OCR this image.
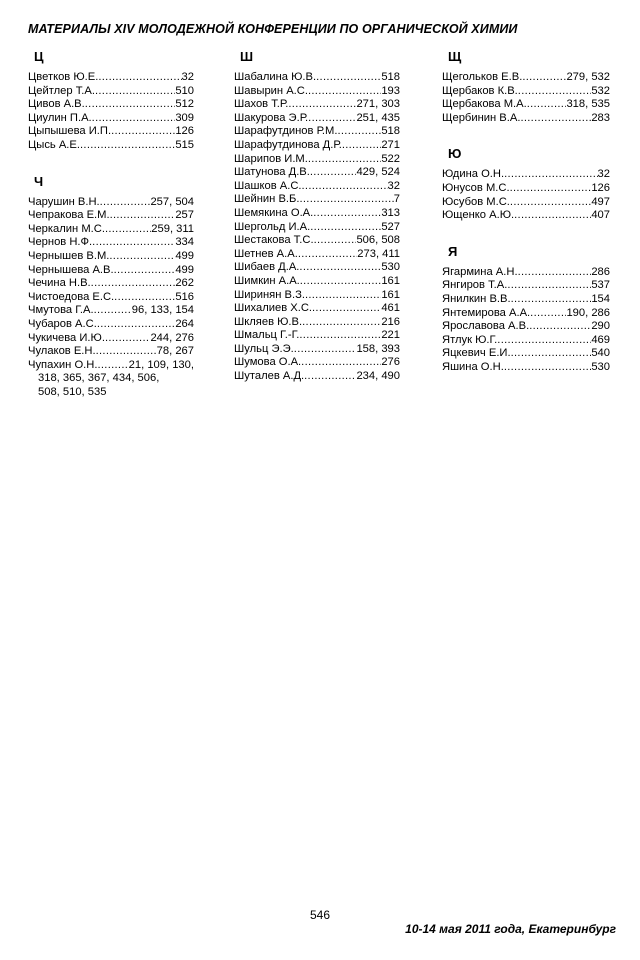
МАТЕРИАЛЫ XIV МОЛОДЕЖНОЙ КОНФЕРЕНЦИИ ПО ОРГАНИЧЕСКОЙ ХИМИИ
Ц
Цветков Ю.Е. .....	32
Цейтлер Т.А. .....	510
Цивов А.В. .....	512
Циулин П.А. .....	309
Цыпышева И.П. .....	126
Цысь А.Е. .....	515
Ч
Чарушин В.Н. .....	257, 504
Чепракова Е.М. .....	257
Черкалин М.С. .....	259, 311
Чернов Н.Ф. .....	334
Чернышев В.М. .....	499
Чернышева А.В. .....	499
Чечина Н.В. .....	262
Чистоедова Е.С. .....	516
Чмутова Г.А. .....	96, 133, 154
Чубаров А.С. .....	264
Чукичева И.Ю. .....	244, 276
Чулаков Е.Н. .....	78, 267
Чупахин О.Н. .....	21, 109, 130,
318, 365, 367, 434, 506,
508, 510, 535
Ш
Шабалина Ю.В. .....	518
Шавырин А.С. .....	193
Шахов Т.Р. .....	271, 303
Шакурова Э.Р. .....	251, 435
Шарафутдинов Р.М. .....	518
Шарафутдинова Д.Р. .....	271
Шарипов И.М. .....	522
Шатунова Д.В. .....	429, 524
Шашков А.С. .....	32
Шейнин В.Б. .....	7
Шемякина О.А. .....	313
Шергольд И.А. .....	527
Шестакова Т.С. .....	506, 508
Шетнев А.А. .....	273, 411
Шибаев Д.А. .....	530
Шимкин А.А. .....	161
Ширинян В.З. .....	161
Шихалиев Х.С. .....	461
Шкляев Ю.В. .....	216
Шмальц Г.-Г. .....	221
Шульц Э.Э. .....	158, 393
Шумова О.А. .....	276
Шуталев А.Д. .....	234, 490
Щ
Щегольков Е.В. .....	279, 532
Щербаков К.В. .....	532
Щербакова М.А. .....	318, 535
Щербинин В.А. .....	283
Ю
Юдина О.Н. .....	32
Юнусов М.С. .....	126
Юсубов М.С. .....	497
Ющенко А.Ю. .....	407
Я
Ягармина А.Н. .....	286
Янгиров Т.А. .....	537
Янилкин В.В. .....	154
Янтемирова А.А. .....	190, 286
Ярославова А.В. .....	290
Ятлук Ю.Г. .....	469
Яцкевич Е.И. .....	540
Яшина О.Н. .....	530
546
10-14 мая 2011 года, Екатеринбург
